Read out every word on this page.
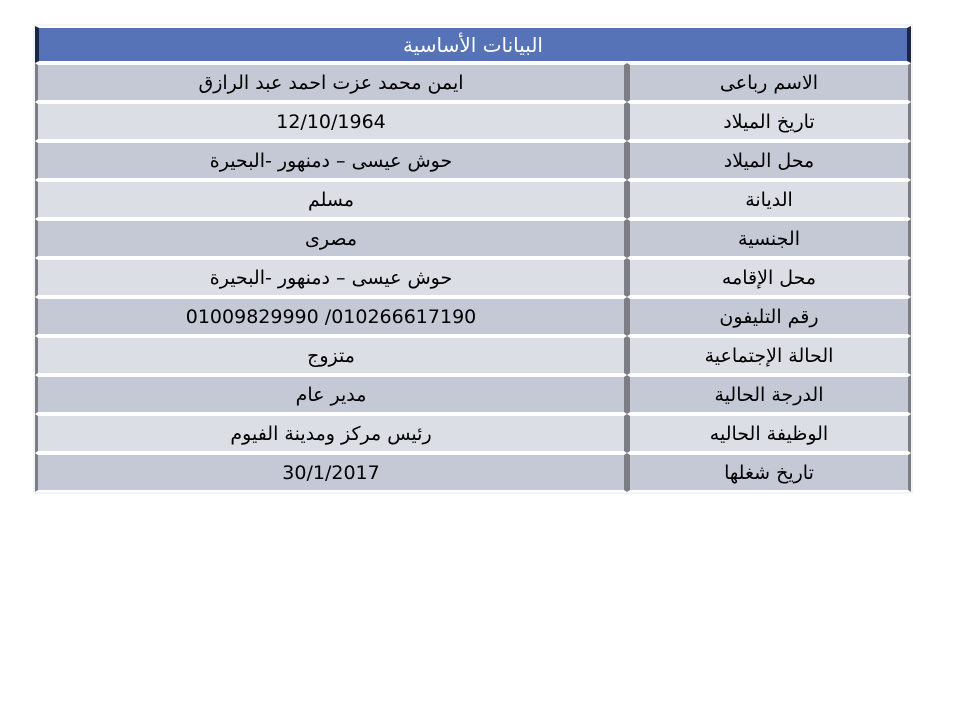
البيانات الأساسية
ايمن محمد عزت احمد عبد الرازق	الاسم رباعى
12/10/1964	تاريخ الميلاد
حوش عيسى – دمنهور -البحيرة	محل الميلاد
مسلم	الديانة
مصرى	الجنسية
حوش عيسى – دمنهور -البحيرة	محل الإقامه
010266617190/ 01009829990	رقم التليفون
متزوج	الحالة الإجتماعية
مدير عام	الدرجة الحالية
رئيس مركز ومدينة الفيوم	الوظيفة الحاليه
30/1/2017	تاريخ شغلها
